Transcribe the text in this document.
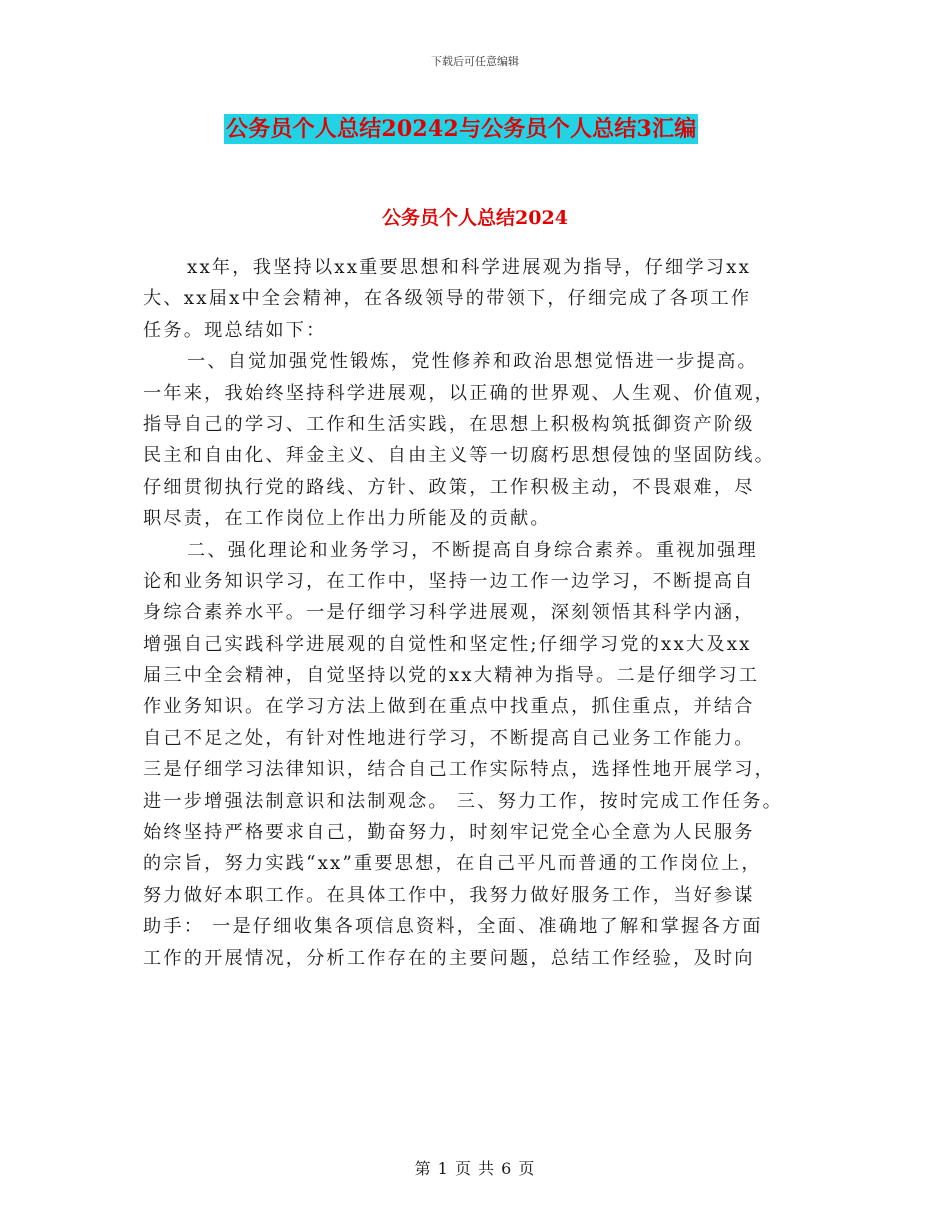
下载后可任意编辑
公务员个人总结20242与公务员个人总结3汇编
公务员个人总结2024
xx年，我坚持以xx重要思想和科学进展观为指导，仔细学习xx
大、xx届x中全会精神，在各级领导的带领下，仔细完成了各项工作
任务。现总结如下：
一、自觉加强党性锻炼，党性修养和政治思想觉悟进一步提高。
一年来，我始终坚持科学进展观，以正确的世界观、人生观、价值观，
指导自己的学习、工作和生活实践，在思想上积极构筑抵御资产阶级
民主和自由化、拜金主义、自由主义等一切腐朽思想侵蚀的坚固防线。
仔细贯彻执行党的路线、方针、政策，工作积极主动，不畏艰难，尽
职尽责，在工作岗位上作出力所能及的贡献。
二、强化理论和业务学习，不断提高自身综合素养。重视加强理
论和业务知识学习，在工作中，坚持一边工作一边学习，不断提高自
身综合素养水平。一是仔细学习科学进展观，深刻领悟其科学内涵，
增强自己实践科学进展观的自觉性和坚定性;仔细学习党的xx大及xx
届三中全会精神，自觉坚持以党的xx大精神为指导。二是仔细学习工
作业务知识。在学习方法上做到在重点中找重点，抓住重点，并结合
自己不足之处，有针对性地进行学习，不断提高自己业务工作能力。
三是仔细学习法律知识，结合自己工作实际特点，选择性地开展学习，
进一步增强法制意识和法制观念。 三、努力工作，按时完成工作任务。
始终坚持严格要求自己，勤奋努力，时刻牢记党全心全意为人民服务
的宗旨，努力实践“xx”重要思想，在自己平凡而普通的工作岗位上，
努力做好本职工作。在具体工作中，我努力做好服务工作，当好参谋
助手： 一是仔细收集各项信息资料，全面、准确地了解和掌握各方面
工作的开展情况，分析工作存在的主要问题，总结工作经验，及时向
第 1 页 共 6 页
